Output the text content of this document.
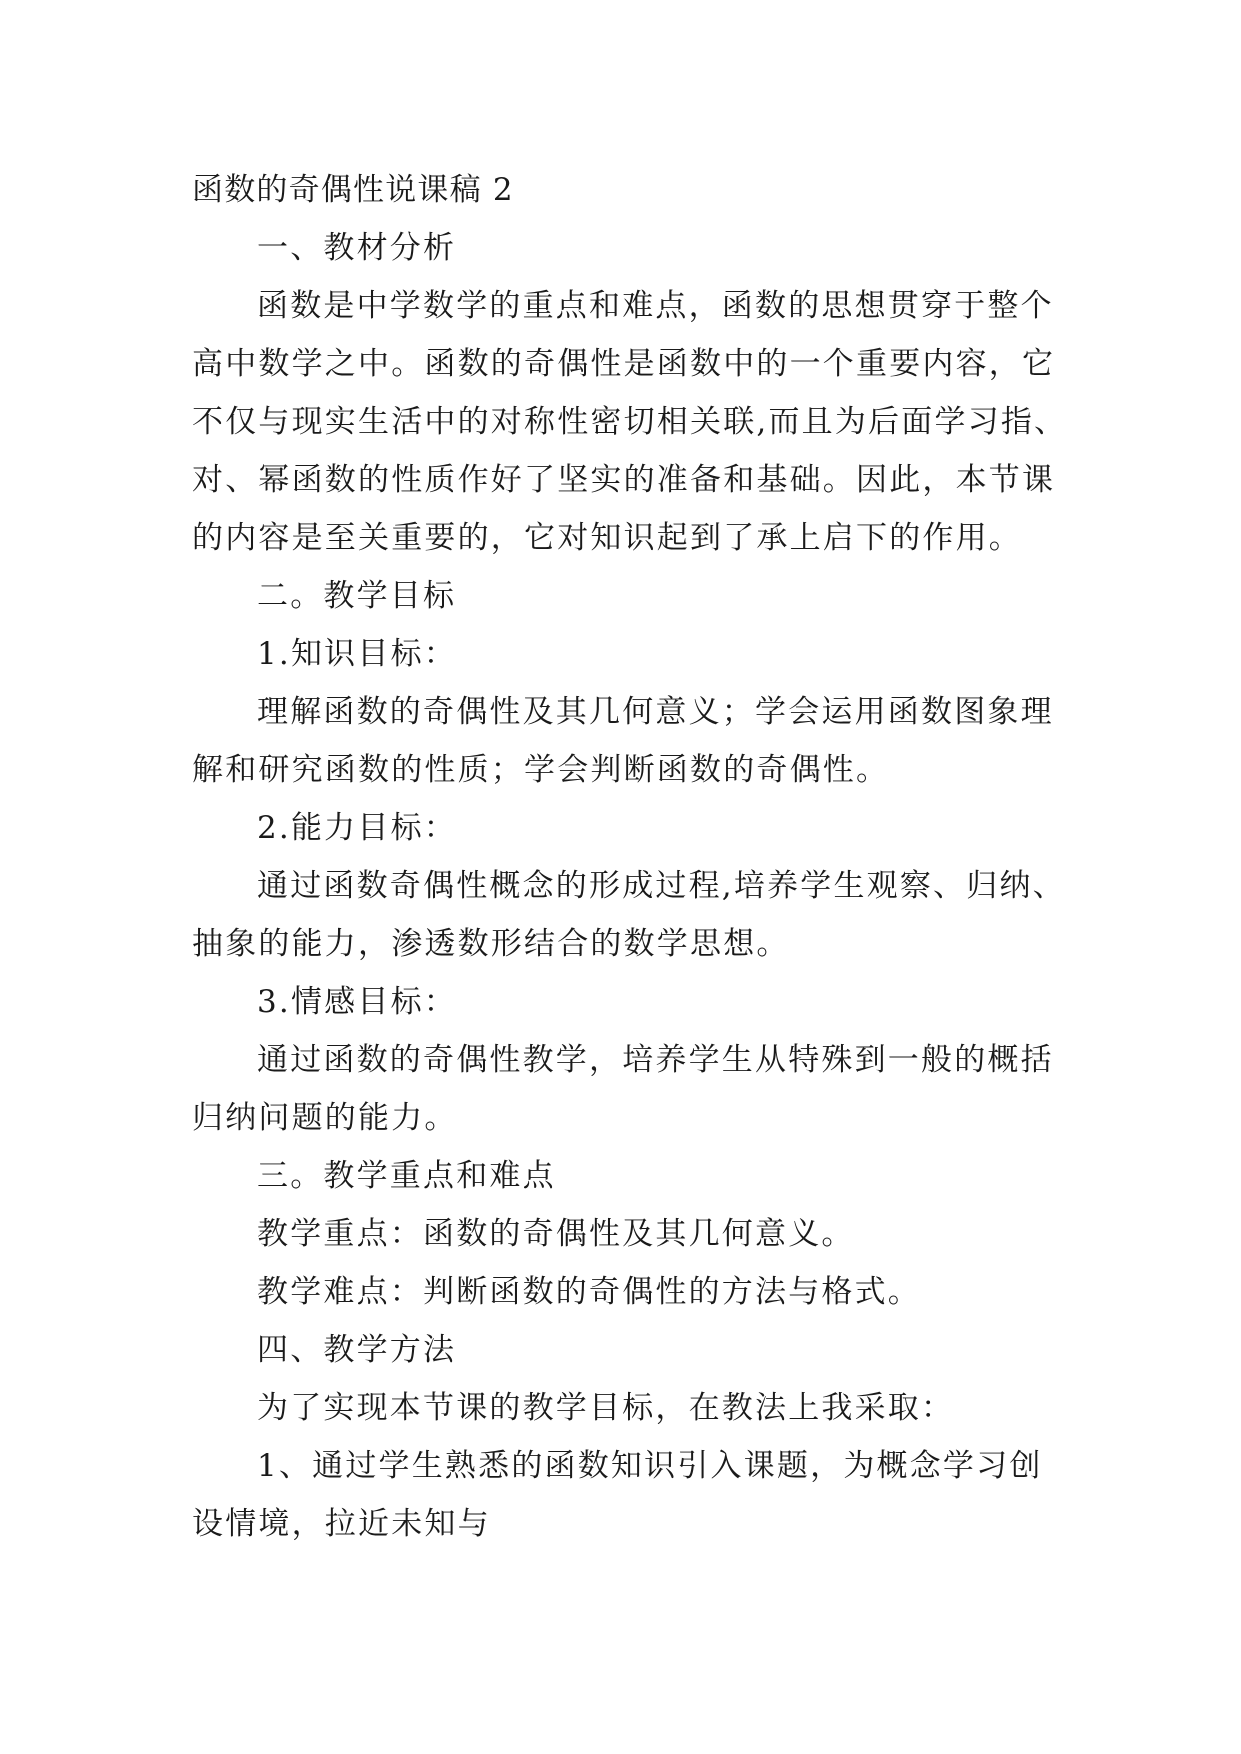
函数的奇偶性说课稿 2

一、教材分析

函数是中学数学的重点和难点，函数的思想贯穿于整个

高中数学之中。函数的奇偶性是函数中的一个重要内容，它

不仅与现实生活中的对称性密切相关联,而且为后面学习指、

对、幂函数的性质作好了坚实的准备和基础。因此，本节课

的内容是至关重要的，它对知识起到了承上启下的作用。

二。教学目标

1.知识目标：

理解函数的奇偶性及其几何意义；学会运用函数图象理

解和研究函数的性质；学会判断函数的奇偶性。

2.能力目标：

通过函数奇偶性概念的形成过程,培养学生观察、归纳、

抽象的能力，渗透数形结合的数学思想。

3.情感目标：

通过函数的奇偶性教学，培养学生从特殊到一般的概括

归纳问题的能力。

三。教学重点和难点

教学重点：函数的奇偶性及其几何意义。

教学难点：判断函数的奇偶性的方法与格式。

四、教学方法

为了实现本节课的教学目标，在教法上我采取：

1、通过学生熟悉的函数知识引入课题，为概念学习创

设情境，拉近未知与
